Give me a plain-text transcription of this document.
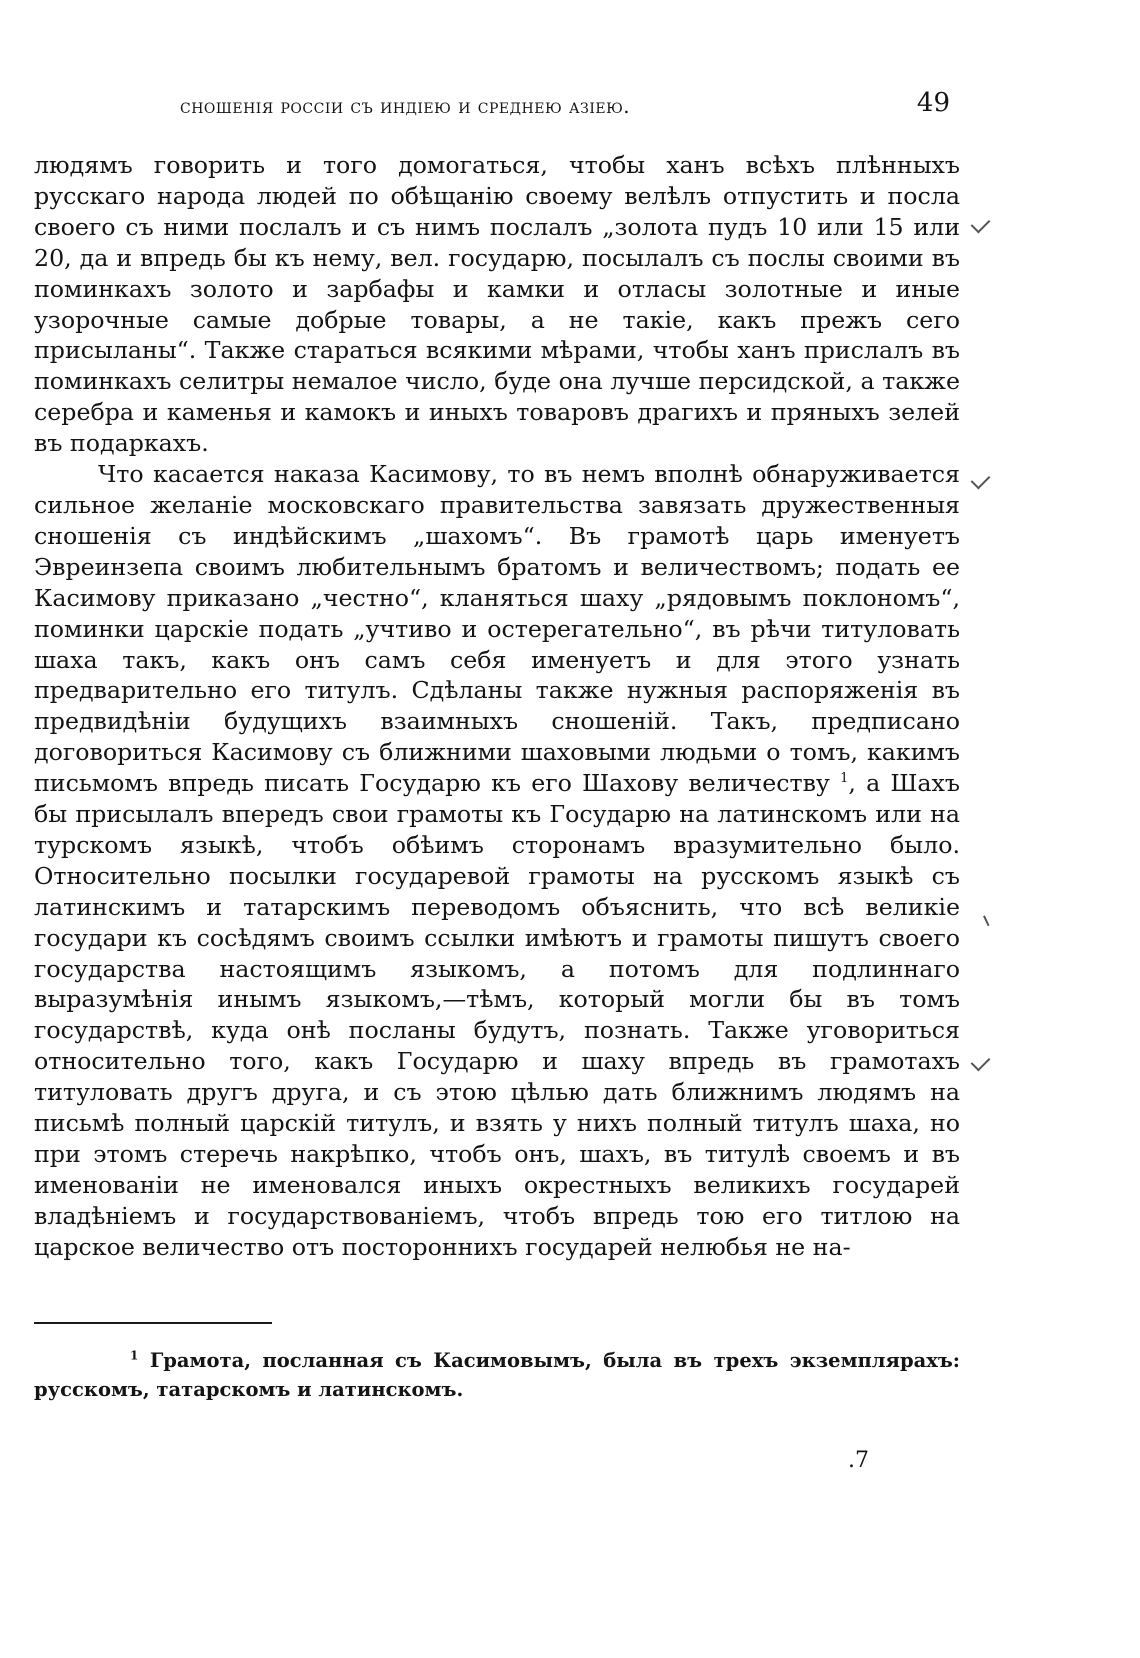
сношенія россіи съ индіею и среднею азіею.	49

людямъ говорить и того домогаться, чтобы ханъ всѣхъ плѣнныхъ русскаго народа людей по обѣщанію своему велѣлъ отпустить и посла своего съ ними послалъ и съ нимъ послалъ „золота пудъ 10 или 15 или 20, да и впредь бы къ нему, вел. государю, посылалъ съ послы своими въ поминкахъ золото и зарбафы и камки и отласы золотные и иные узорочные самые добрые товары, а не такіе, какъ прежъ сего присыланы“. Также стараться всякими мѣрами, чтобы ханъ прислалъ въ поминкахъ селитры немалое число, буде она лучше персидской, а также серебра и каменья и камокъ и иныхъ товаровъ дрaгихъ и пряныхъ зелей въ подаркахъ.

Что касается наказа Касимову, то въ немъ вполнѣ обнаруживается сильное желаніе московскаго правительства завязать дружественныя сношенія съ индѣйскимъ „шахомъ“. Въ грамотѣ царь именуетъ Эвреинзепа своимъ любительнымъ братомъ и величествомъ; подать ее Касимову приказано „честно“, кланяться шаху „рядовымъ поклономъ“, поминки царскіе подать „учтиво и остерегательно“, въ рѣчи титуловать шаха такъ, какъ онъ самъ себя именуетъ и для этого узнать предварительно его титулъ. Сдѣланы также нужныя распоряженія въ предвидѣніи будущихъ взаимныхъ сношеній. Такъ, предписано договориться Касимову съ ближними шаховыми людьми о томъ, какимъ письмомъ впредь писать Государю къ его Шахову величеству $^1$, а Шахъ бы присылалъ впередъ свои грамоты къ Государю на латинскомъ или на турскомъ языкѣ, чтобъ обѣимъ сторонамъ вразумительно было. Относительно посылки государевой грамоты на русскомъ языкѣ съ латинскимъ и татарскимъ переводомъ объяснить, что всѣ великіе государи къ сосѣдямъ своимъ ссылки имѣютъ и грамоты пишутъ своего государства настоящимъ языкомъ, а потомъ для подлиннаго выразумѣнія инымъ языкомъ,—тѣмъ, который могли бы въ томъ государствѣ, куда онѣ посланы будутъ, познать. Также уговориться относительно того, какъ Государю и шаху впредь въ грамотахъ титуловать другъ друга, и съ этою цѣлью дать ближнимъ людямъ на письмѣ полный царскій титулъ, и взять у нихъ полный титулъ шаха, но при этомъ стеречь накрѣпко, чтобъ онъ, шахъ, въ титулѣ своемъ и въ именованіи не именовался иныхъ окрестныхъ великихъ государей владѣніемъ и государствованіемъ, чтобъ впредь тою его титлою на царское величество отъ постороннихъ государей нелюбья не на-

$^1$ Грамота, посланная съ Касимовымъ, была въ трехъ экземплярахъ: русскомъ, татарскомъ и латинскомъ.
.7
